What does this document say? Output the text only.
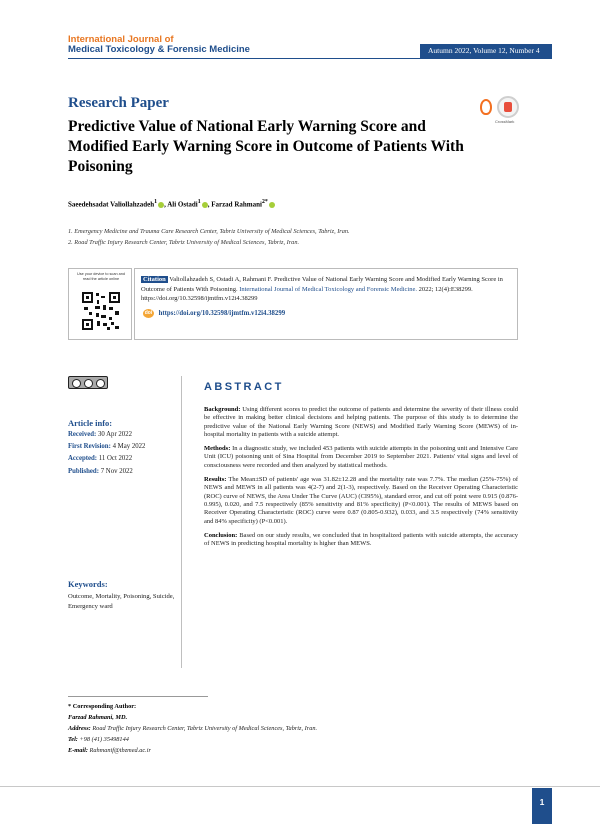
International Journal of
Medical Toxicology & Forensic Medicine	Autumn 2022, Volume 12, Number 4
Research Paper
Predictive Value of National Early Warning Score and Modified Early Warning Score in Outcome of Patients With Poisoning
CrossMark
Saeedehsadat Valiollahzadeh$^1$ , Ali Ostadi$^1$ , Farzad Rahmani$^{2*}$
1. Emergency Medicine and Trauma Care Research Center, Tabriz University of Medical Sciences, Tabriz, Iran.
2. Road Traffic Injury Research Center, Tabriz University of Medical Sciences, Tabriz, Iran.
Use your device to scan and read the article online	Citation Valiollahzadeh S, Ostadi A, Rahmani F. Predictive Value of National Early Warning Score and Modified Early Warning Score in Outcome of Patients With Poisoning. International Journal of Medical Toxicology and Forensic Medicine. 2022; 12(4):E38299. https://doi.org/10.32598/ijmtfm.v12i4.38299
doi https://doi.org/10.32598/ijmtfm.v12i4.38299
Article info:
Received: 30 Apr 2022
First Revision: 4 May 2022
Accepted: 11 Oct 2022
Published: 7 Nov 2022
Keywords:
Outcome, Mortality, Poisoning, Suicide, Emergency ward
ABSTRACT

Background: Using different scores to predict the outcome of patients and determine the severity of their illness could be effective in making better clinical decisions and helping patients. The purpose of this study is to determine the predictive value of the National Early Warning Score (NEWS) and Modified Early Warning Score (MEWS) of in-hospital mortality in patients with a suicide attempt.

Methods: In a diagnostic study, we included 453 patients with suicide attempts in the poisoning unit and Intensive Care Unit (ICU) poisoning unit of Sina Hospital from December 2019 to September 2021. Patients' vital signs and level of consciousness were recorded and then analyzed by statistical methods.

Results: The Mean±SD of patients' age was 31.82±12.28 and the mortality rate was 7.7%. The median (25%-75%) of NEWS and MEWS in all patients was 4(2-7) and 2(1-3), respectively. Based on the Receiver Operating Characteristic (ROC) curve of NEWS, the Area Under The Curve (AUC) (CI95%), standard error, and cut off point were 0.915 (0.876-0.995), 0.020, and 7.5 respectively (85% sensitivity and 81% specificity) (P<0.001). The results of MEWS based on Receiver Operating Characteristic (ROC) curve were 0.87 (0.805-0.932), 0.033, and 3.5 respectively (74% sensitivity and 84% specificity) (P<0.001).

Conclusion: Based on our study results, we concluded that in hospitalized patients with suicide attempts, the accuracy of NEWS in predicting hospital mortality is higher than MEWS.

* Corresponding Author:
Farzad Rahmani, MD.
Address: Road Traffic Injury Research Center, Tabriz University of Medical Sciences, Tabriz, Iran.
Tel: +98 (41) 35498144
E-mail: Rahmanif@tbzmed.ac.ir
1
